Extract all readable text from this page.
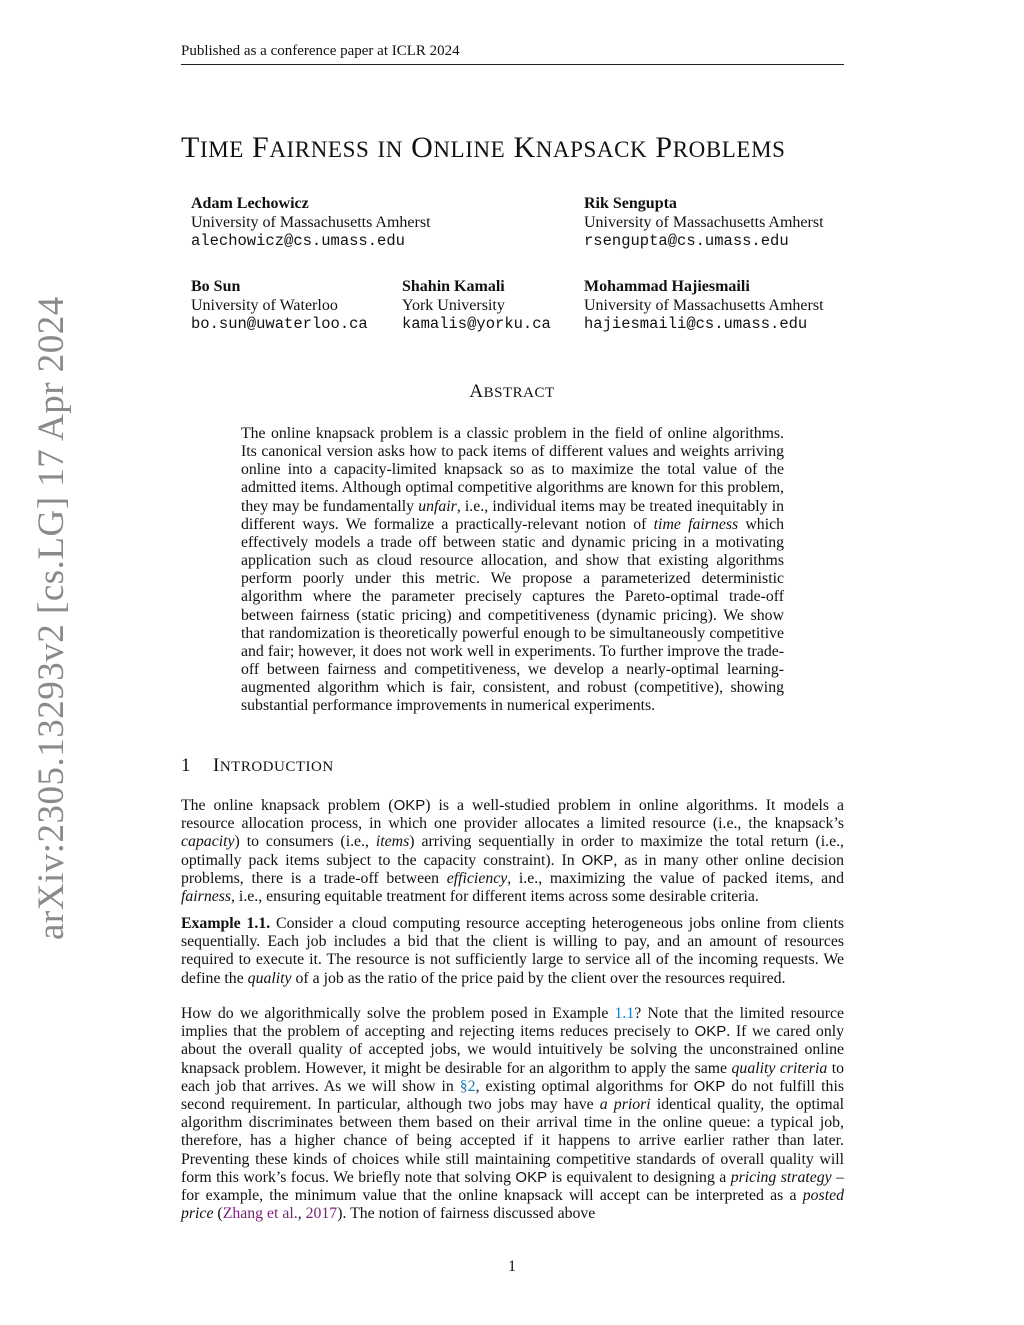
Published as a conference paper at ICLR 2024
arXiv:2305.13293v2 [cs.LG] 17 Apr 2024
TIME FAIRNESS IN ONLINE KNAPSACK PROBLEMS
Adam Lechowicz
University of Massachusetts Amherst
alechowicz@cs.umass.edu
Rik Sengupta
University of Massachusetts Amherst
rsengupta@cs.umass.edu
Bo Sun
University of Waterloo
bo.sun@uwaterloo.ca
Shahin Kamali
York University
kamalis@yorku.ca
Mohammad Hajiesmaili
University of Massachusetts Amherst
hajiesmaili@cs.umass.edu
ABSTRACT
The online knapsack problem is a classic problem in the field of online algorithms. Its canonical version asks how to pack items of different values and weights arriving online into a capacity-limited knapsack so as to maximize the total value of the admitted items. Although optimal competitive algorithms are known for this problem, they may be fundamentally unfair, i.e., individual items may be treated inequitably in different ways. We formalize a practically-relevant notion of time fairness which effectively models a trade off between static and dynamic pricing in a motivating application such as cloud resource allocation, and show that existing algorithms perform poorly under this metric. We propose a parameterized deterministic algorithm where the parameter precisely captures the Pareto-optimal trade-off between fairness (static pricing) and competitiveness (dynamic pricing). We show that randomization is theoretically powerful enough to be simultaneously competitive and fair; however, it does not work well in experiments. To further improve the trade-off between fairness and competitiveness, we develop a nearly-optimal learning-augmented algorithm which is fair, consistent, and robust (competitive), showing substantial performance improvements in numerical experiments.
1 INTRODUCTION
The online knapsack problem (OKP) is a well-studied problem in online algorithms. It models a resource allocation process, in which one provider allocates a limited resource (i.e., the knapsack’s capacity) to consumers (i.e., items) arriving sequentially in order to maximize the total return (i.e., optimally pack items subject to the capacity constraint). In OKP, as in many other online decision problems, there is a trade-off between efficiency, i.e., maximizing the value of packed items, and fairness, i.e., ensuring equitable treatment for different items across some desirable criteria.
Example 1.1. Consider a cloud computing resource accepting heterogeneous jobs online from clients sequentially. Each job includes a bid that the client is willing to pay, and an amount of resources required to execute it. The resource is not sufficiently large to service all of the incoming requests. We define the quality of a job as the ratio of the price paid by the client over the resources required.
How do we algorithmically solve the problem posed in Example 1.1? Note that the limited resource implies that the problem of accepting and rejecting items reduces precisely to OKP. If we cared only about the overall quality of accepted jobs, we would intuitively be solving the unconstrained online knapsack problem. However, it might be desirable for an algorithm to apply the same quality criteria to each job that arrives. As we will show in §2, existing optimal algorithms for OKP do not fulfill this second requirement. In particular, although two jobs may have a priori identical quality, the optimal algorithm discriminates between them based on their arrival time in the online queue: a typical job, therefore, has a higher chance of being accepted if it happens to arrive earlier rather than later. Preventing these kinds of choices while still maintaining competitive standards of overall quality will form this work’s focus. We briefly note that solving OKP is equivalent to designing a pricing strategy – for example, the minimum value that the online knapsack will accept can be interpreted as a posted price (Zhang et al., 2017). The notion of fairness discussed above
1
